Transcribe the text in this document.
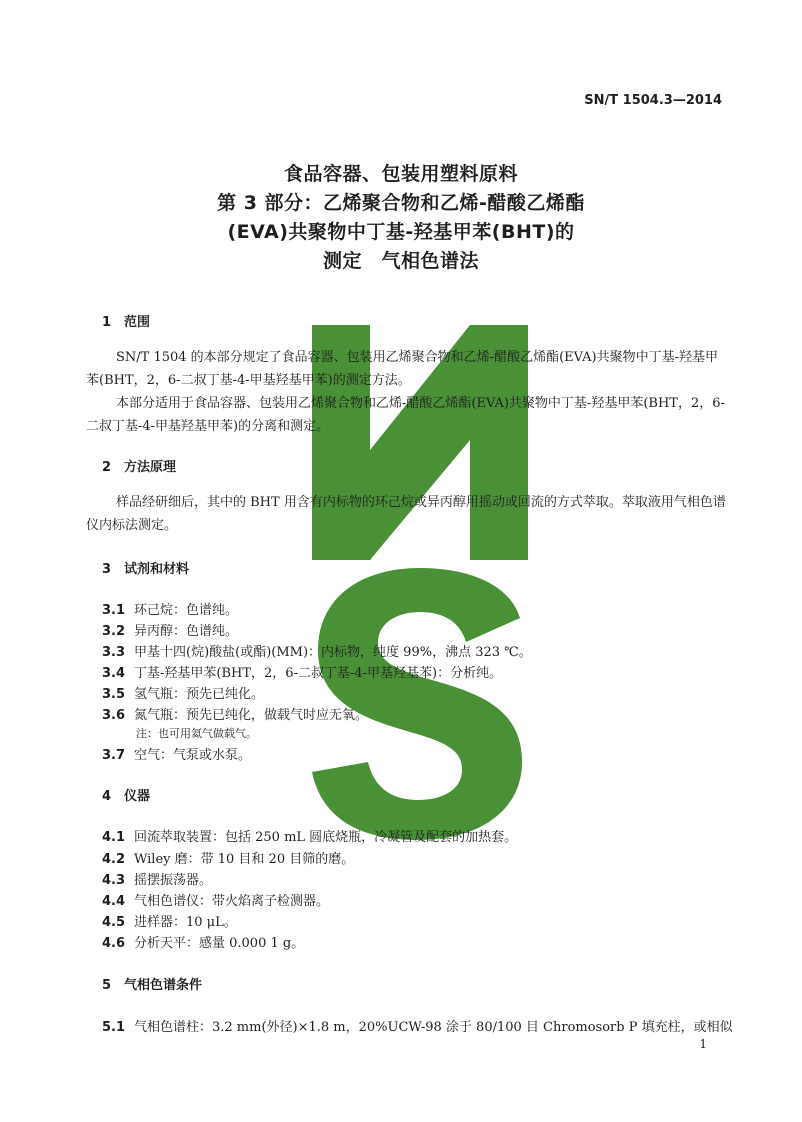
SN/T 1504.3—2014
食品容器、包装用塑料原料
第 3 部分：乙烯聚合物和乙烯-醋酸乙烯酯
(EVA)共聚物中丁基-羟基甲苯(BHT)的
测定　气相色谱法
1 范围
SN/T 1504 的本部分规定了食品容器、包装用乙烯聚合物和乙烯-醋酸乙烯酯(EVA)共聚物中丁基-羟基甲苯(BHT，2，6-二叔丁基-4-甲基羟基甲苯)的测定方法。
本部分适用于食品容器、包装用乙烯聚合物和乙烯-醋酸乙烯酯(EVA)共聚物中丁基-羟基甲苯(BHT，2，6-二叔丁基-4-甲基羟基甲苯)的分离和测定。
2 方法原理
样品经研细后，其中的 BHT 用含有内标物的环己烷或异丙醇用摇动或回流的方式萃取。萃取液用气相色谱仪内标法测定。
3 试剂和材料
3.1 环己烷：色谱纯。
3.2 异丙醇：色谱纯。
3.3 甲基十四(烷)酸盐(或酯)(MM)：内标物，纯度 99%，沸点 323 ℃。
3.4 丁基-羟基甲苯(BHT，2，6-二叔丁基-4-甲基羟基苯)：分析纯。
3.5 氢气瓶：预先已纯化。
3.6 氮气瓶：预先已纯化，做载气时应无氧。
注：也可用氦气做载气。
3.7 空气：气泵或水泵。
4 仪器
4.1 回流萃取装置：包括 250 mL 圆底烧瓶，冷凝管及配套的加热套。
4.2 Wiley 磨：带 10 目和 20 目筛的磨。
4.3 摇摆振荡器。
4.4 气相色谱仪：带火焰离子检测器。
4.5 进样器：10 μL。
4.6 分析天平：感量 0.000 1 g。
5 气相色谱条件
5.1 气相色谱柱：3.2 mm(外径)×1.8 m，20%UCW-98 涂于 80/100 目 Chromosorb P 填充柱，或相似
1
